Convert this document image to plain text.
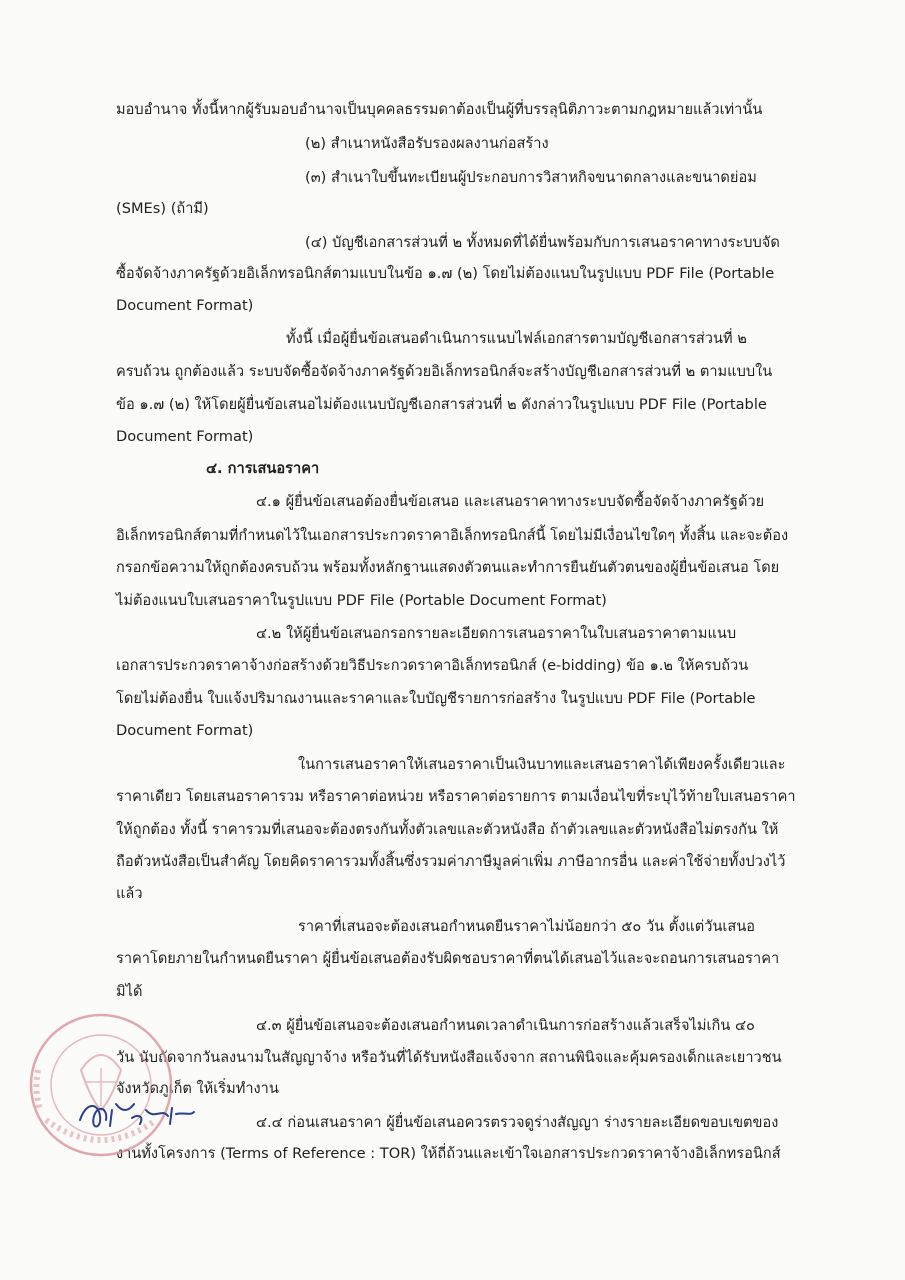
มอบอำนาจ ทั้งนี้หากผู้รับมอบอำนาจเป็นบุคคลธรรมดาต้องเป็นผู้ที่บรรลุนิติภาวะตามกฎหมายแล้วเท่านั้น
(๒) สำเนาหนังสือรับรองผลงานก่อสร้าง
(๓) สำเนาใบขึ้นทะเบียนผู้ประกอบการวิสาหกิจขนาดกลางและขนาดย่อม
(SMEs) (ถ้ามี)
(๔) บัญชีเอกสารส่วนที่ ๒ ทั้งหมดที่ได้ยื่นพร้อมกับการเสนอราคาทางระบบจัด
ซื้อจัดจ้างภาครัฐด้วยอิเล็กทรอนิกส์ตามแบบในข้อ ๑.๗ (๒) โดยไม่ต้องแนบในรูปแบบ PDF File (Portable
Document Format)
ทั้งนี้ เมื่อผู้ยื่นข้อเสนอดำเนินการแนบไฟล์เอกสารตามบัญชีเอกสารส่วนที่ ๒
ครบถ้วน ถูกต้องแล้ว ระบบจัดซื้อจัดจ้างภาครัฐด้วยอิเล็กทรอนิกส์จะสร้างบัญชีเอกสารส่วนที่ ๒ ตามแบบใน
ข้อ ๑.๗ (๒) ให้โดยผู้ยื่นข้อเสนอไม่ต้องแนบบัญชีเอกสารส่วนที่ ๒ ดังกล่าวในรูปแบบ PDF File (Portable
Document Format)
๔. การเสนอราคา
๔.๑ ผู้ยื่นข้อเสนอต้องยื่นข้อเสนอ และเสนอราคาทางระบบจัดซื้อจัดจ้างภาครัฐด้วย
อิเล็กทรอนิกส์ตามที่กำหนดไว้ในเอกสารประกวดราคาอิเล็กทรอนิกส์นี้ โดยไม่มีเงื่อนไขใดๆ ทั้งสิ้น และจะต้อง
กรอกข้อความให้ถูกต้องครบถ้วน พร้อมทั้งหลักฐานแสดงตัวตนและทำการยืนยันตัวตนของผู้ยื่นข้อเสนอ โดย
ไม่ต้องแนบใบเสนอราคาในรูปแบบ PDF File (Portable Document Format)
๔.๒ ให้ผู้ยื่นข้อเสนอกรอกรายละเอียดการเสนอราคาในใบเสนอราคาตามแนบ
เอกสารประกวดราคาจ้างก่อสร้างด้วยวิธีประกวดราคาอิเล็กทรอนิกส์ (e-bidding) ข้อ ๑.๒ ให้ครบถ้วน
โดยไม่ต้องยื่น ใบแจ้งปริมาณงานและราคาและใบบัญชีรายการก่อสร้าง ในรูปแบบ PDF File (Portable
Document Format)
ในการเสนอราคาให้เสนอราคาเป็นเงินบาทและเสนอราคาได้เพียงครั้งเดียวและ
ราคาเดียว โดยเสนอราคารวม หรือราคาต่อหน่วย หรือราคาต่อรายการ ตามเงื่อนไขที่ระบุไว้ท้ายใบเสนอราคา
ให้ถูกต้อง ทั้งนี้ ราคารวมที่เสนอจะต้องตรงกันทั้งตัวเลขและตัวหนังสือ ถ้าตัวเลขและตัวหนังสือไม่ตรงกัน ให้
ถือตัวหนังสือเป็นสำคัญ โดยคิดราคารวมทั้งสิ้นซึ่งรวมค่าภาษีมูลค่าเพิ่ม ภาษีอากรอื่น และค่าใช้จ่ายทั้งปวงไว้
แล้ว
ราคาที่เสนอจะต้องเสนอกำหนดยืนราคาไม่น้อยกว่า ๕๐ วัน ตั้งแต่วันเสนอ
ราคาโดยภายในกำหนดยืนราคา ผู้ยื่นข้อเสนอต้องรับผิดชอบราคาที่ตนได้เสนอไว้และจะถอนการเสนอราคา
มิได้
๔.๓ ผู้ยื่นข้อเสนอจะต้องเสนอกำหนดเวลาดำเนินการก่อสร้างแล้วเสร็จไม่เกิน ๔๐
วัน นับถัดจากวันลงนามในสัญญาจ้าง หรือวันที่ได้รับหนังสือแจ้งจาก สถานพินิจและคุ้มครองเด็กและเยาวชน
จังหวัดภูเก็ต ให้เริ่มทำงาน
๔.๔ ก่อนเสนอราคา ผู้ยื่นข้อเสนอควรตรวจดูร่างสัญญา ร่างรายละเอียดขอบเขตของ
งานทั้งโครงการ (Terms of Reference : TOR) ให้ถี่ถ้วนและเข้าใจเอกสารประกวดราคาจ้างอิเล็กทรอนิกส์
